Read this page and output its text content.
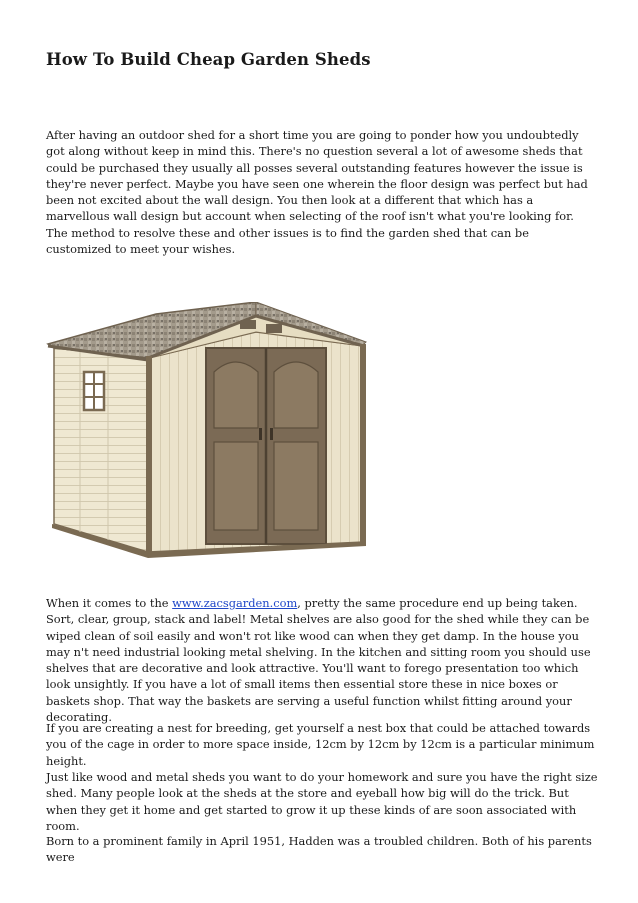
How To Build Cheap Garden Sheds

After having an outdoor shed for a short time you are going to ponder how you undoubtedly got along without keep in mind this. There's no question several a lot of awesome sheds that could be purchased they usually all posses several outstanding features however the issue is they're never perfect. Maybe you have seen one wherein the floor design was perfect but had been not excited about the wall design. You then look at a different that which has a marvellous wall design but account when selecting of the roof isn't what you're looking for. The method to resolve these and other issues is to find the garden shed that can be customized to meet your wishes.

When it comes to the www.zacsgarden.com, pretty the same procedure end up being taken. Sort, clear, group, stack and label! Metal shelves are also good for the shed while they can be wiped clean of soil easily and won't rot like wood can when they get damp. In the house you may n't need industrial looking metal shelving. In the kitchen and sitting room you should use shelves that are decorative and look attractive. You'll want to forego presentation too which look unsightly. If you have a lot of small items then essential store these in nice boxes or baskets shop. That way the baskets are serving a useful function whilst fitting around your decorating.

If you are creating a nest for breeding, get yourself a nest box that could be attached towards you of the cage in order to more space inside, 12cm by 12cm by 12cm is a particular minimum height.

Just like wood and metal sheds you want to do your homework and sure you have the right size shed. Many people look at the sheds at the store and eyeball how big will do the trick. But when they get it home and get started to grow it up these kinds of are soon associated with room.

Born to a prominent family in April 1951, Hadden was a troubled children. Both of his parents were
